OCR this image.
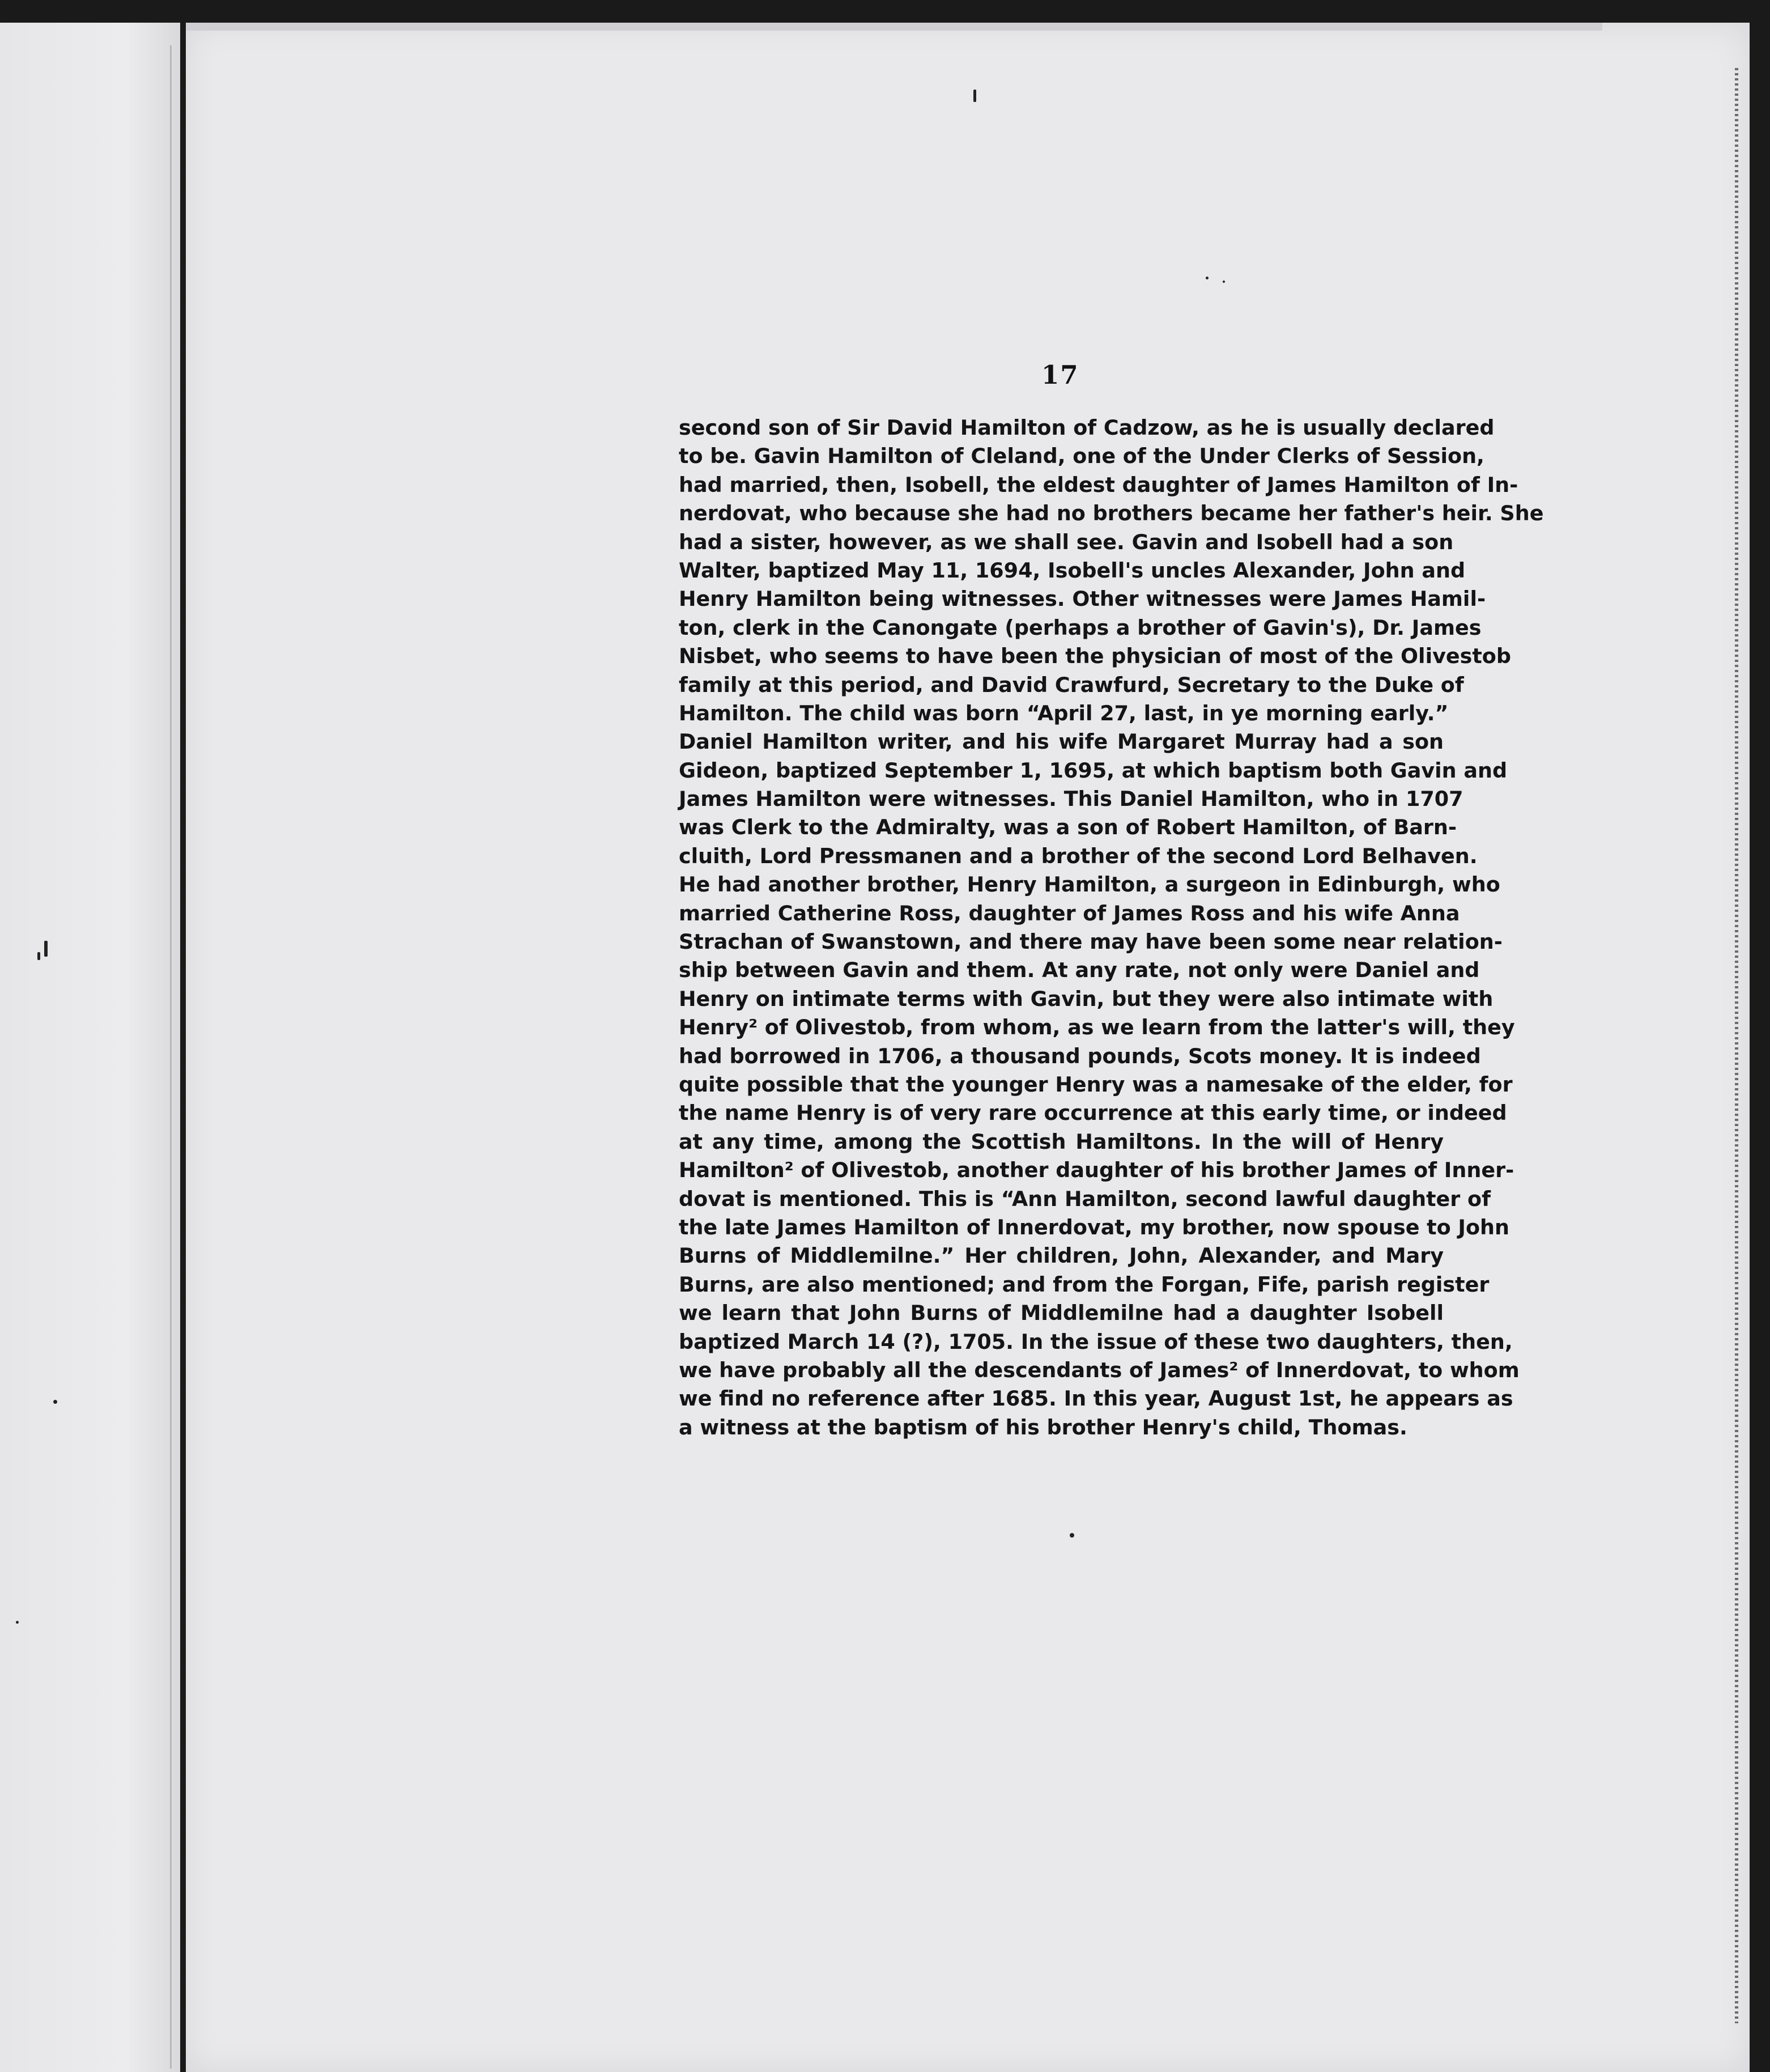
17
second son of Sir David Hamilton of Cadzow, as he is usually declared
to be. Gavin Hamilton of Cleland, one of the Under Clerks of Session,
had married, then, Isobell, the eldest daughter of James Hamilton of In-
nerdovat, who because she had no brothers became her father's heir. She
had a sister, however, as we shall see. Gavin and Isobell had a son
Walter, baptized May 11, 1694, Isobell's uncles Alexander, John and
Henry Hamilton being witnesses. Other witnesses were James Hamil-
ton, clerk in the Canongate (perhaps a brother of Gavin's), Dr. James
Nisbet, who seems to have been the physician of most of the Olivestob
family at this period, and David Crawfurd, Secretary to the Duke of
Hamilton. The child was born “April 27, last, in ye morning early.”
Daniel Hamilton writer, and his wife Margaret Murray had a son
Gideon, baptized September 1, 1695, at which baptism both Gavin and
James Hamilton were witnesses. This Daniel Hamilton, who in 1707
was Clerk to the Admiralty, was a son of Robert Hamilton, of Barn-
cluith, Lord Pressmanen and a brother of the second Lord Belhaven.
He had another brother, Henry Hamilton, a surgeon in Edinburgh, who
married Catherine Ross, daughter of James Ross and his wife Anna
Strachan of Swanstown, and there may have been some near relation-
ship between Gavin and them. At any rate, not only were Daniel and
Henry on intimate terms with Gavin, but they were also intimate with
Henry² of Olivestob, from whom, as we learn from the latter's will, they
had borrowed in 1706, a thousand pounds, Scots money. It is indeed
quite possible that the younger Henry was a namesake of the elder, for
the name Henry is of very rare occurrence at this early time, or indeed
at any time, among the Scottish Hamiltons. In the will of Henry
Hamilton² of Olivestob, another daughter of his brother James of Inner-
dovat is mentioned. This is “Ann Hamilton, second lawful daughter of
the late James Hamilton of Innerdovat, my brother, now spouse to John
Burns of Middlemilne.” Her children, John, Alexander, and Mary
Burns, are also mentioned; and from the Forgan, Fife, parish register
we learn that John Burns of Middlemilne had a daughter Isobell
baptized March 14 (?), 1705. In the issue of these two daughters, then,
we have probably all the descendants of James² of Innerdovat, to whom
we find no reference after 1685. In this year, August 1st, he appears as
a witness at the baptism of his brother Henry's child, Thomas.
